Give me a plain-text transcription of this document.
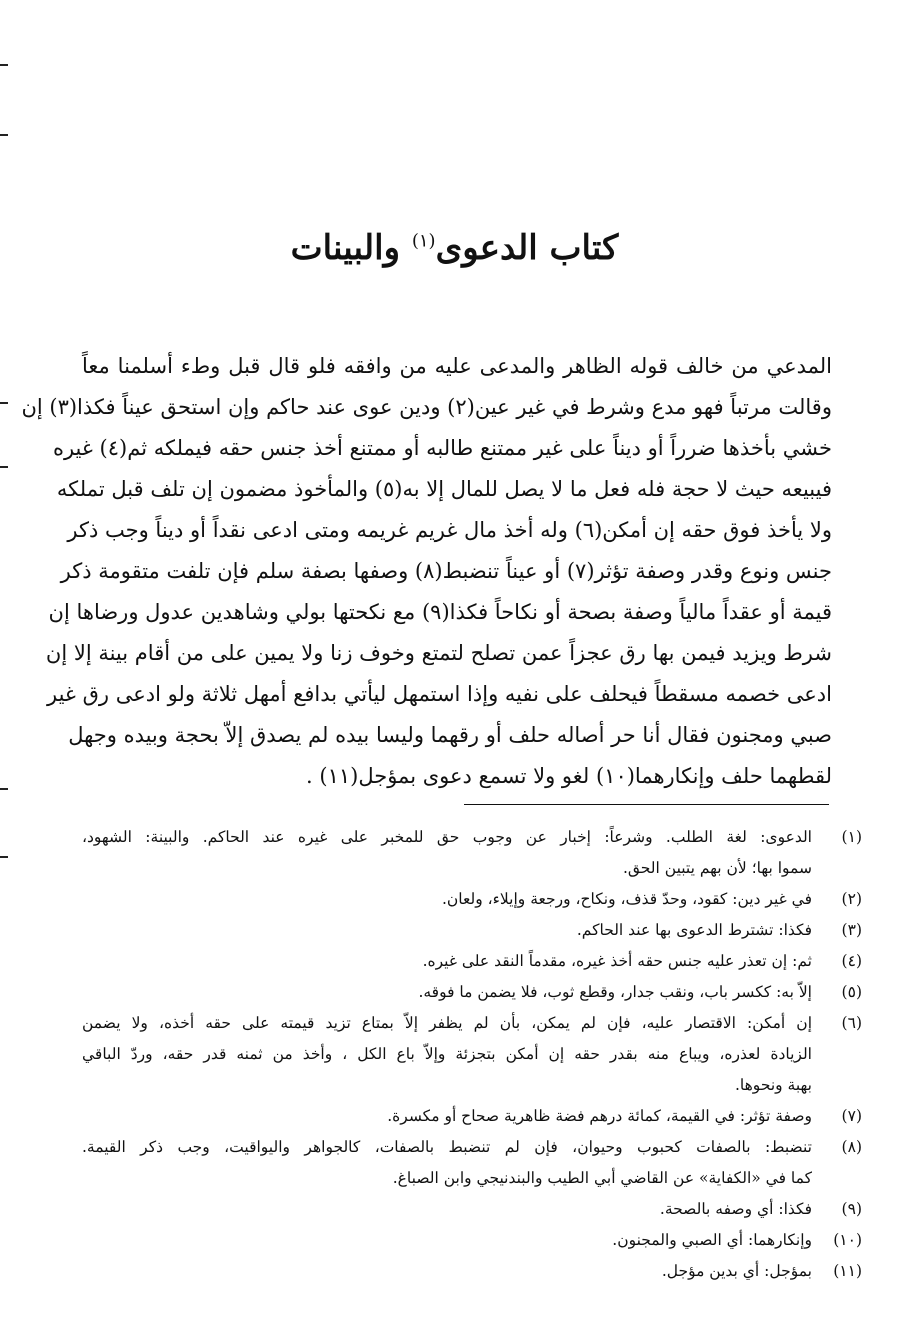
كتاب الدعوى$^{(١)}$ والبينات
المدعي من خالف قوله الظاهر والمدعى عليه من وافقه فلو قال قبل وطء أسلمنا معاً
وقالت مرتباً فهو مدع وشرط في غير عين(٢) ودين عوى عند حاكم وإن استحق عيناً فكذا(٣) إن
خشي بأخذها ضرراً أو ديناً على غير ممتنع طالبه أو ممتنع أخذ جنس حقه فيملكه ثم(٤) غيره
فيبيعه حيث لا حجة فله فعل ما لا يصل للمال إلا به(٥) والمأخوذ مضمون إن تلف قبل تملكه
ولا يأخذ فوق حقه إن أمكن(٦) وله أخذ مال غريم غريمه ومتى ادعى نقداً أو ديناً وجب ذكر
جنس ونوع وقدر وصفة تؤثر(٧) أو عيناً تنضبط(٨) وصفها بصفة سلم فإن تلفت متقومة ذكر
قيمة أو عقداً مالياً وصفة بصحة أو نكاحاً فكذا(٩) مع نكحتها بولي وشاهدين عدول ورضاها إن
شرط ويزيد فيمن بها رق عجزاً عمن تصلح لتمتع وخوف زنا ولا يمين على من أقام بينة إلا إن
ادعى خصمه مسقطاً فيحلف على نفيه وإذا استمهل ليأتي بدافع أمهل ثلاثة ولو ادعى رق غير
صبي ومجنون فقال أنا حر أصاله حلف أو رقهما وليسا بيده لم يصدق إلاّ بحجة وبيده وجهل
لقطهما حلف وإنكارهما(١٠) لغو ولا تسمع دعوى بمؤجل(١١) .
(١)
الدعوى: لغة الطلب. وشرعاً: إخبار عن وجوب حق للمخبر على غيره عند الحاكم. والبينة: الشهود،
سموا بها؛ لأن بهم يتبين الحق.
(٢)
في غير دين: كقود، وحدّ قذف، ونكاح، ورجعة وإيلاء، ولعان.
(٣)
فكذا: تشترط الدعوى بها عند الحاكم.
(٤)
ثم: إن تعذر عليه جنس حقه أخذ غيره، مقدماً النقد على غيره.
(٥)
إلاّ به: ككسر باب، ونقب جدار، وقطع ثوب، فلا يضمن ما فوقه.
(٦)
إن أمكن: الاقتصار عليه، فإن لم يمكن، بأن لم يظفر إلاّ بمتاع تزيد قيمته على حقه أخذه، ولا يضمن
الزيادة لعذره، ويباع منه بقدر حقه إن أمكن بتجزئة وإلاّ باع الكل ، وأخذ من ثمنه قدر حقه، وردّ الباقي
بهبة ونحوها.
(٧)
وصفة تؤثر: في القيمة، كمائة درهم فضة ظاهرية صحاح أو مكسرة.
(٨)
تنضبط: بالصفات كحبوب وحيوان، فإن لم تنضبط بالصفات، كالجواهر واليواقيت، وجب ذكر القيمة.
كما في «الكفاية» عن القاضي أبي الطيب والبندنيجي وابن الصباغ.
(٩)
فكذا: أي وصفه بالصحة.
(١٠)
وإنكارهما: أي الصبي والمجنون.
(١١)
بمؤجل: أي بدين مؤجل.
